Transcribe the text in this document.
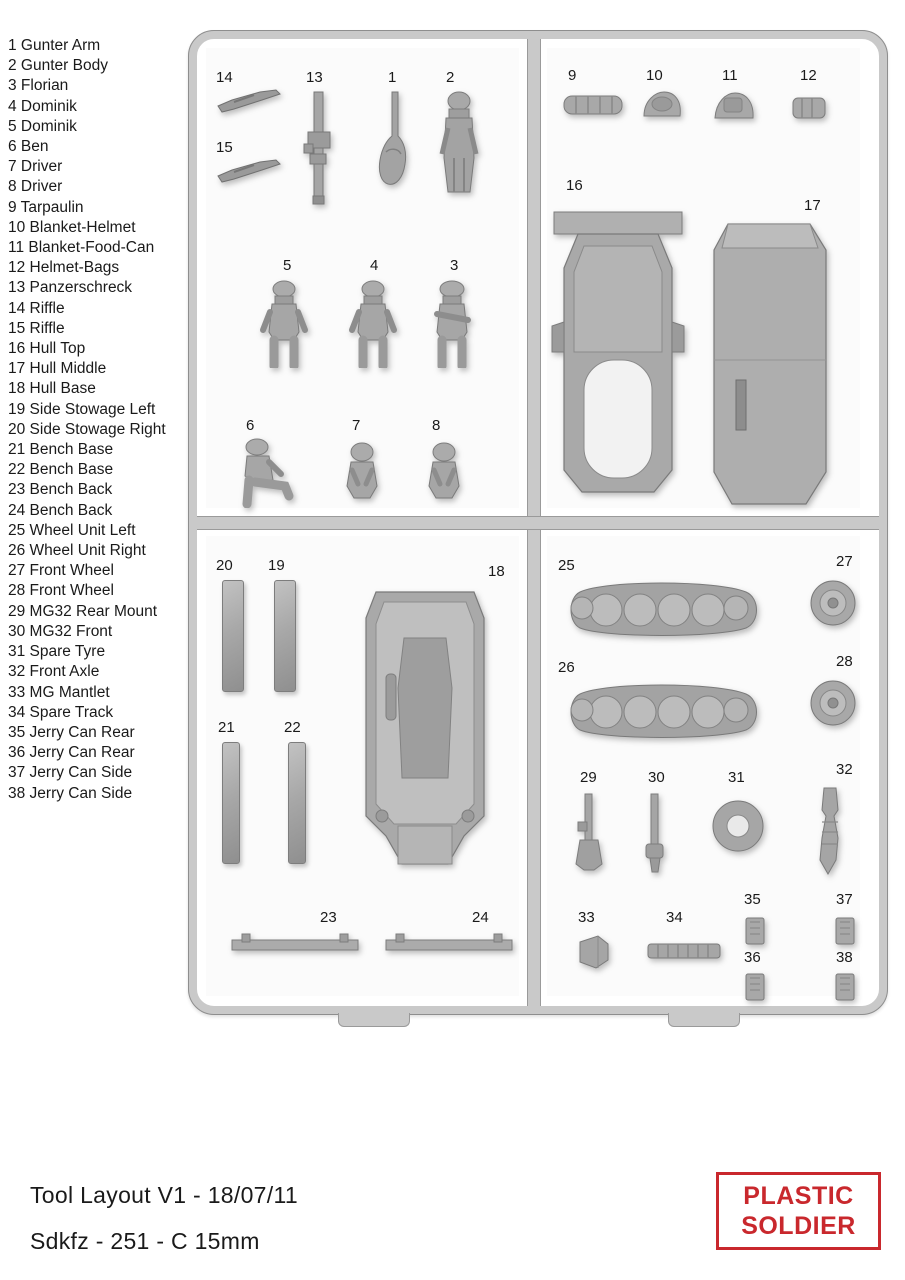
1 Gunter Arm
2 Gunter Body
3 Florian
4 Dominik
5 Dominik
6 Ben
7 Driver
8 Driver
9 Tarpaulin
10 Blanket-Helmet
11 Blanket-Food-Can
12 Helmet-Bags
13 Panzerschreck
14 Riffle
15 Riffle
16 Hull Top
17 Hull Middle
18 Hull Base
19 Side Stowage Left
20 Side Stowage Right
21 Bench Base
22 Bench Base
23 Bench Back
24 Bench Back
25 Wheel Unit Left
26 Wheel Unit Right
27 Front Wheel
28 Front Wheel
29 MG32 Rear Mount
30 MG32 Front
31 Spare Tyre
32 Front Axle
33 MG Mantlet
34 Spare Track
35 Jerry Can Rear
36 Jerry Can Rear
37 Jerry Can Side
38 Jerry Can Side
14
15
13	1	2
5	4	3
6	7	8
9	10	11	12
16
17
20 19
21	22
23	24
18	25
26
27
28
29	30	31	32
33	34
35
36
37
38
Tool Layout V1 - 18/07/11
Sdkfz - 251 - C 15mm
PLASTIC
SOLDIER
